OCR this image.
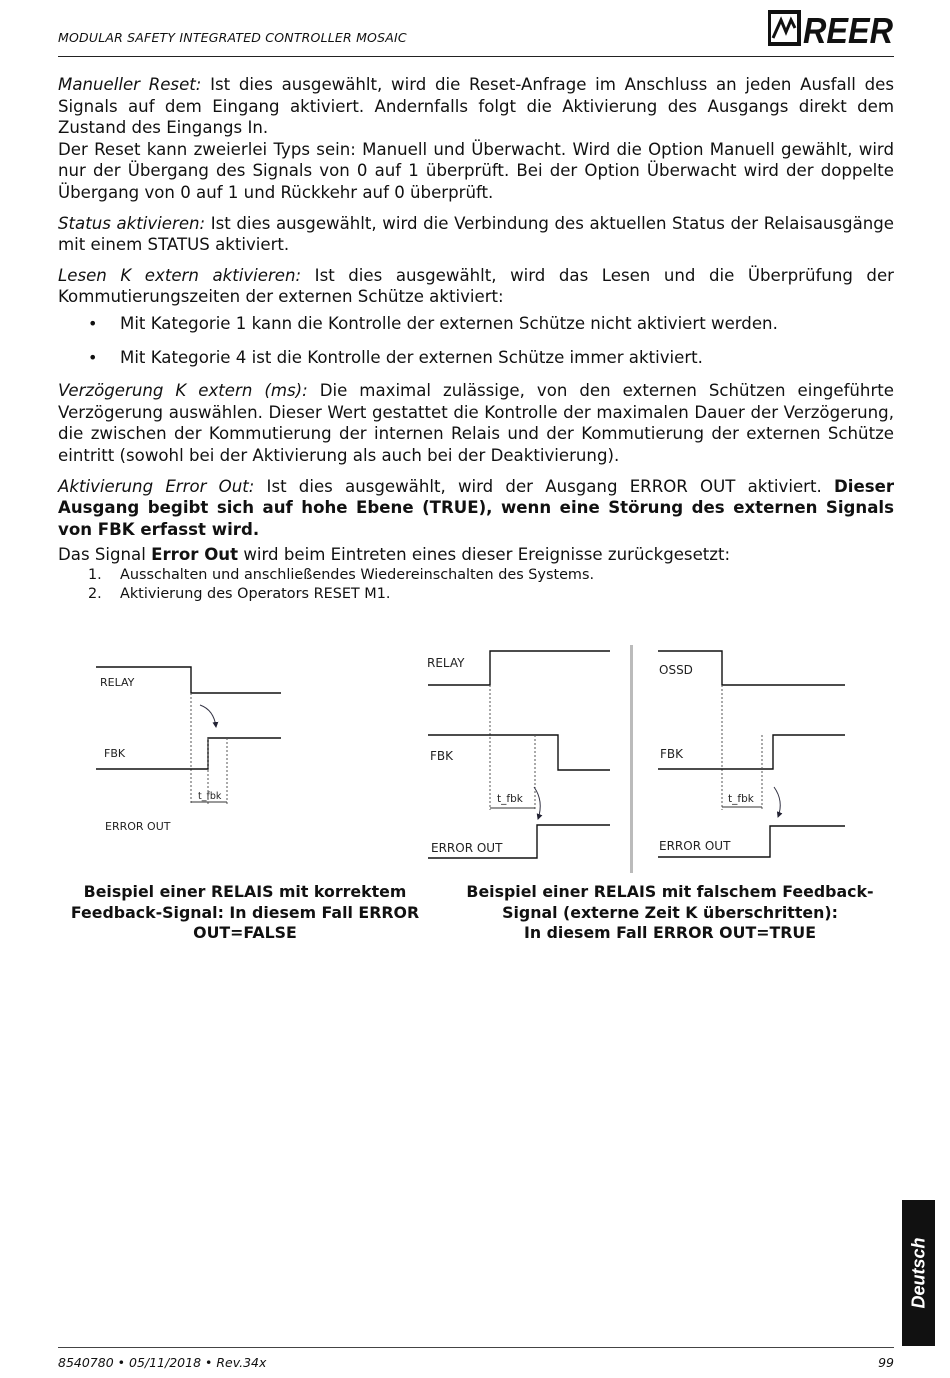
MODULAR SAFETY INTEGRATED CONTROLLER MOSAIC	REER

Manueller Reset: Ist dies ausgewählt, wird die Reset-Anfrage im Anschluss an jeden Ausfall des Signals auf dem Eingang aktiviert. Andernfalls folgt die Aktivierung des Ausgangs direkt dem Zustand des Eingangs In.

Der Reset kann zweierlei Typs sein: Manuell und Überwacht. Wird die Option Manuell gewählt, wird nur der Übergang des Signals von 0 auf 1 überprüft. Bei der Option Überwacht wird der doppelte Übergang von 0 auf 1 und Rückkehr auf 0 überprüft.

Status aktivieren: Ist dies ausgewählt, wird die Verbindung des aktuellen Status der Relaisausgänge mit einem STATUS aktiviert.

Lesen K extern aktivieren: Ist dies ausgewählt, wird das Lesen und die Überprüfung der Kommutierungszeiten der externen Schütze aktiviert:

• Mit Kategorie 1 kann die Kontrolle der externen Schütze nicht aktiviert werden.
• Mit Kategorie 4 ist die Kontrolle der externen Schütze immer aktiviert.

Verzögerung K extern (ms): Die maximal zulässige, von den externen Schützen eingeführte Verzögerung auswählen. Dieser Wert gestattet die Kontrolle der maximalen Dauer der Verzögerung, die zwischen der Kommutierung der internen Relais und der Kommutierung der externen Schütze eintritt (sowohl bei der Aktivierung als auch bei der Deaktivierung).

Aktivierung Error Out: Ist dies ausgewählt, wird der Ausgang ERROR OUT aktiviert. Dieser Ausgang begibt sich auf hohe Ebene (TRUE), wenn eine Störung des externen Signals von FBK erfasst wird.

Das Signal Error Out wird beim Eintreten eines dieser Ereignisse zurückgesetzt:

1.	Ausschalten und anschließendes Wiedereinschalten des Systems.
2.	Aktivierung des Operators RESET M1.
RELAY
FBK
t_fbk
ERROR OUT
RELAY
FBK
t_fbk
ERROR OUT
OSSD
FBK
t_fbk
ERROR OUT
Beispiel einer RELAIS mit korrektem
Feedback-Signal: In diesem Fall ERROR
OUT=FALSE
Beispiel einer RELAIS mit falschem Feedback-
Signal (externe Zeit K überschritten):
In diesem Fall ERROR OUT=TRUE
Deutsch
8540780 • 05/11/2018 • Rev.34x	99
